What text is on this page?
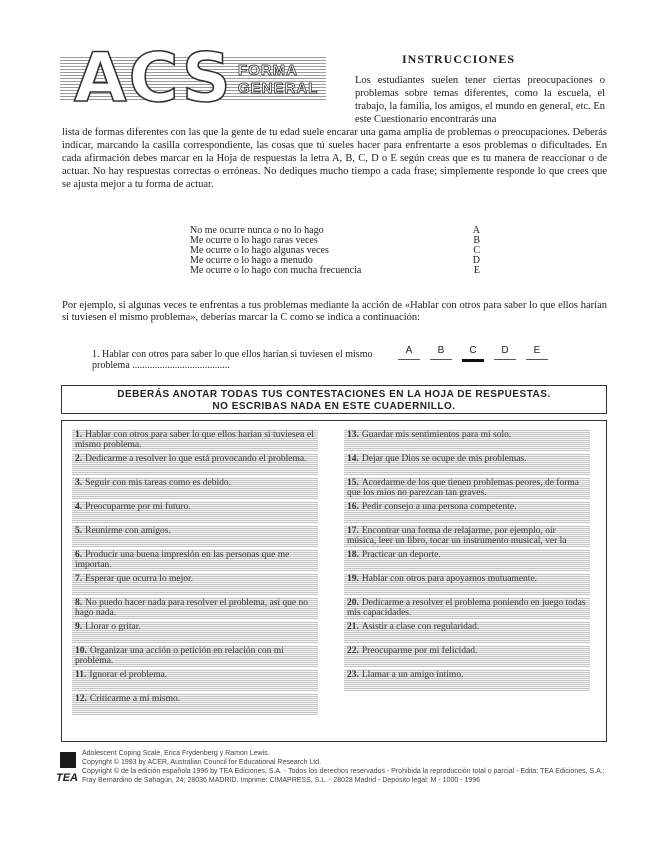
ACS FORMA
GENERAL
INSTRUCCIONES
Los estudiantes suelen tener ciertas preocupaciones o problemas sobre temas diferentes, como la escuela, el trabajo, la familia, los amigos, el mundo en general, etc. En este Cuestionario encontrarás una
lista de formas diferentes con las que la gente de tu edad suele encarar una gama amplia de problemas o preocupaciones. Deberás indicar, marcando la casilla correspondiente, las cosas que tú sueles hacer para enfrentarte a esos problemas o dificultades. En cada afirmación debes marcar en la Hoja de respuestas la letra A, B, C, D o E según creas que es tu manera de reaccionar o de actuar. No hay respuestas correctas o erróneas. No dediques mucho tiempo a cada frase; simplemente responde lo que crees que se ajusta mejor a tu forma de actuar.
No me ocurre nunca o no lo hago	A
Me ocurre o lo hago raras veces	B
Me ocurre o lo hago algunas veces	C
Me ocurre o lo hago a menudo	D
Me ocurre o lo hago con mucha frecuencia	E
Por ejemplo, si algunas veces te enfrentas a tus problemas mediante la acción de «Hablar con otros para saber lo que ellos harían si tuviesen el mismo problema», deberías marcar la C como se indica a continuación:
1. Hablar con otros para saber lo que ellos harían si tuviesen el mismo problema .......................................
A	B	C	D	E
DEBERÁS ANOTAR TODAS TUS CONTESTACIONES EN LA HOJA DE RESPUESTAS.
NO ESCRIBAS NADA EN ESTE CUADERNILLO.
1. Hablar con otros para saber lo que ellos harían si tuviesen el mismo problema.
2. Dedicarme a resolver lo que está provocando el problema.
3. Seguir con mis tareas como es debido.
4. Preocuparme por mi futuro.
5. Reunirme con amigos.
6. Producir una buena impresión en las personas que me importan.
7. Esperar que ocurra lo mejor.
8. No puedo hacer nada para resolver el problema, así que no hago nada.
9. Llorar o gritar.
10. Organizar una acción o petición en relación con mi problema.
11. Ignorar el problema.
12. Criticarme a mí mismo.
13. Guardar mis sentimientos para mí solo.
14. Dejar que Dios se ocupe de mis problemas.
15. Acordarme de los que tienen problemas peores, de forma que los míos no parezcan tan graves.
16. Pedir consejo a una persona competente.
17. Encontrar una forma de relajarme, por ejemplo, oír música, leer un libro, tocar un instrumento musical, ver la
18. Practicar un deporte.
19. Hablar con otros para apoyarnos mutuamente.
20. Dedicarme a resolver el problema poniendo en juego todas mis capacidades.
21. Asistir a clase con regularidad.
22. Preocuparme por mi felicidad.
23. Llamar a un amigo íntimo.
TEA
Adolescent Coping Scale, Erica Frydenberg y Ramon Lewis.
Copyright © 1993 by ACER, Australian Council for Educational Research Ltd.
Copyright © de la edición española 1996 by TEA Ediciones, S.A. - Todos los derechos reservados - Prohibida la reproducción total o parcial - Edita: TEA Ediciones, S.A.; Fray Bernardino de Sahagún, 24; 28036 MADRID. Imprime: CIMAPRESS, S.L. - 28028 Madrid - Depósito legal: M - 1000 - 1996
